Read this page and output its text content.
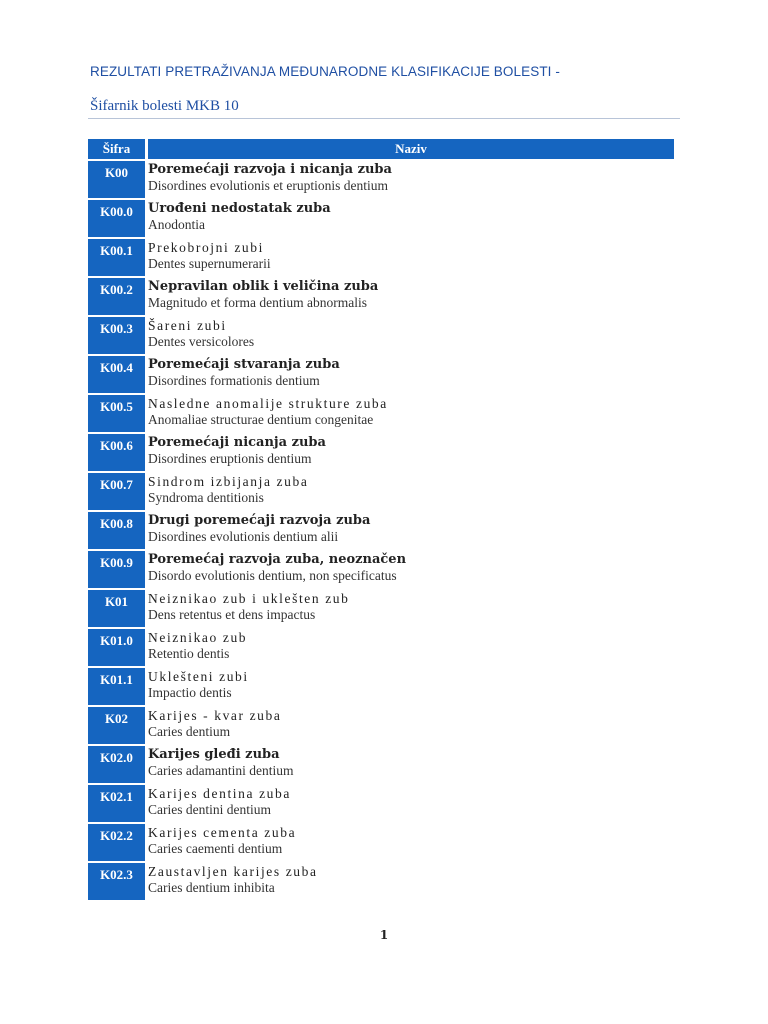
REZULTATI PRETRAŽIVANJA MEĐUNARODNE KLASIFIKACIJE BOLESTI -
Šifarnik bolesti MKB 10
Šifra	Naziv
K00	Poremećaji razvoja i nicanja zuba
Disordines evolutionis et eruptionis dentium
K00.0	Urođeni nedostatak zuba
Anodontia
K00.1	Prekobrojni zubi
Dentes supernumerarii
K00.2	Nepravilan oblik i veličina zuba
Magnitudo et forma dentium abnormalis
K00.3	Šareni zubi
Dentes versicolores
K00.4	Poremećaji stvaranja zuba
Disordines formationis dentium
K00.5	Nasledne anomalije strukture zuba
Anomaliae structurae dentium congenitae
K00.6	Poremećaji nicanja zuba
Disordines eruptionis dentium
K00.7	Sindrom izbijanja zuba
Syndroma dentitionis
K00.8	Drugi poremećaji razvoja zuba
Disordines evolutionis dentium alii
K00.9	Poremećaj razvoja zuba, neoznačen
Disordo evolutionis dentium, non specificatus
K01	Neiznikao zub i uklešten zub
Dens retentus et dens impactus
K01.0	Neiznikao zub
Retentio dentis
K01.1	Uklešteni zubi
Impactio dentis
K02	Karijes - kvar zuba
Caries dentium
K02.0	Karijes gleđi zuba
Caries adamantini dentium
K02.1	Karijes dentina zuba
Caries dentini dentium
K02.2	Karijes cementa zuba
Caries caementi dentium
K02.3	Zaustavljen karijes zuba
Caries dentium inhibita
1
